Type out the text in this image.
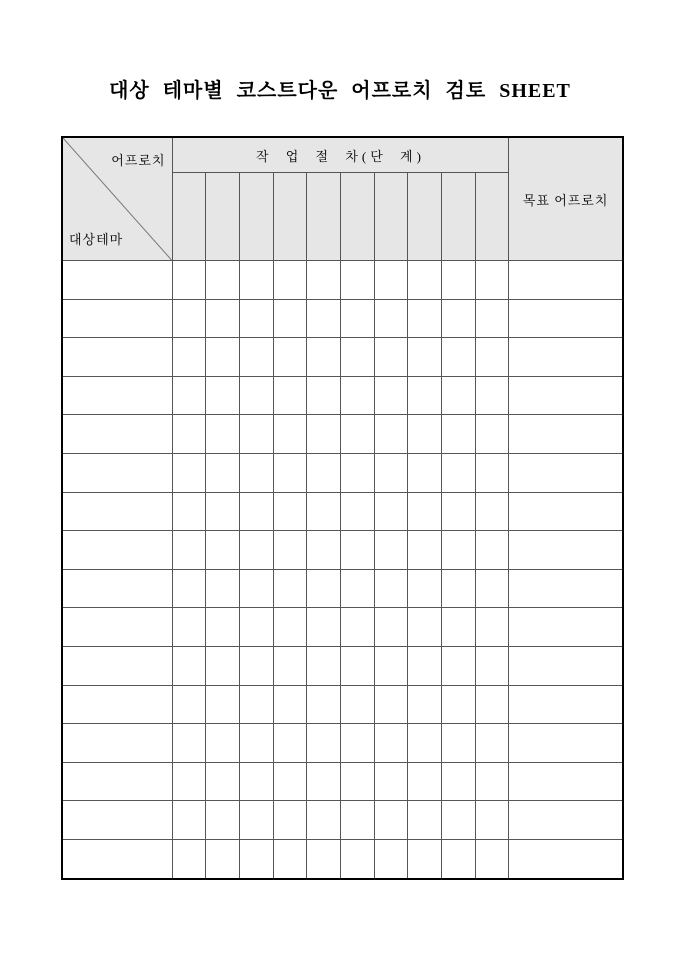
대상 테마별 코스트다운 어프로치 검토 SHEET
어프로치
대상테마	작 업 절 차(단 계)										목표 어프로치
